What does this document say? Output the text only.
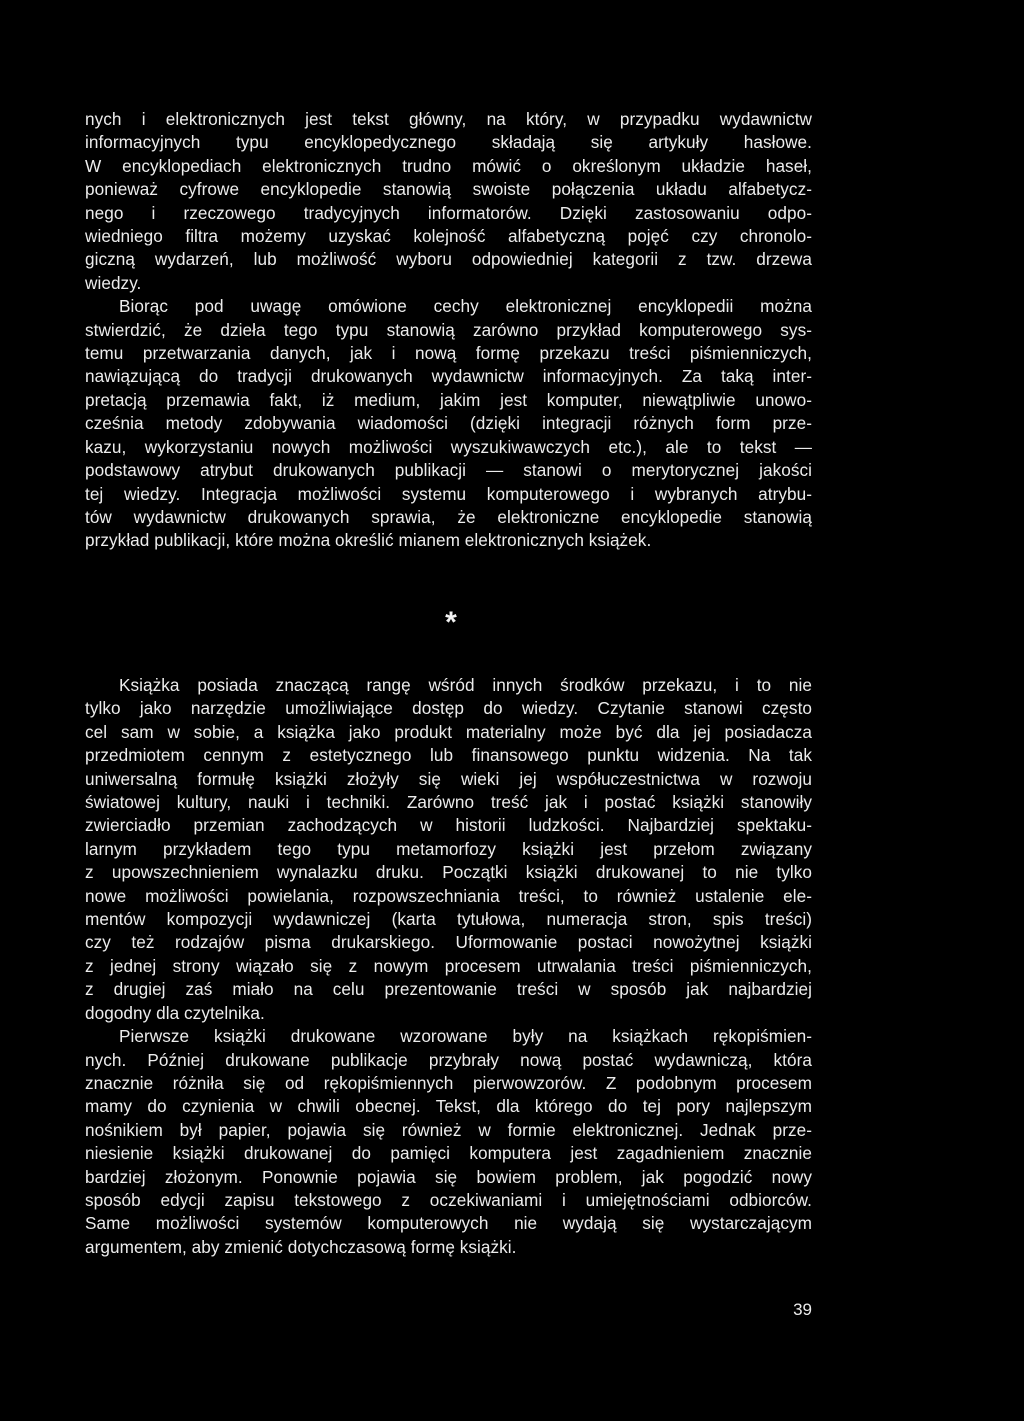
nych i elektronicznych jest tekst główny, na który, w przypadku wydawnictw
informacyjnych typu encyklopedycznego składają się artykuły hasłowe.
W encyklopediach elektronicznych trudno mówić o określonym układzie haseł,
ponieważ cyfrowe encyklopedie stanowią swoiste połączenia układu alfabetycz-
nego i rzeczowego tradycyjnych informatorów. Dzięki zastosowaniu odpo-
wiedniego filtra możemy uzyskać kolejność alfabetyczną pojęć czy chronolo-
giczną wydarzeń, lub możliwość wyboru odpowiedniej kategorii z tzw. drzewa
wiedzy.
Biorąc pod uwagę omówione cechy elektronicznej encyklopedii można
stwierdzić, że dzieła tego typu stanowią zarówno przykład komputerowego sys-
temu przetwarzania danych, jak i nową formę przekazu treści piśmienniczych,
nawiązującą do tradycji drukowanych wydawnictw informacyjnych. Za taką inter-
pretacją przemawia fakt, iż medium, jakim jest komputer, niewątpliwie unowo-
cześnia metody zdobywania wiadomości (dzięki integracji różnych form prze-
kazu, wykorzystaniu nowych możliwości wyszukiwawczych etc.), ale to tekst —
podstawowy atrybut drukowanych publikacji — stanowi o merytorycznej jakości
tej wiedzy. Integracja możliwości systemu komputerowego i wybranych atrybu-
tów wydawnictw drukowanych sprawia, że elektroniczne encyklopedie stanowią
przykład publikacji, które można określić mianem elektronicznych książek.
*
Książka posiada znaczącą rangę wśród innych środków przekazu, i to nie
tylko jako narzędzie umożliwiające dostęp do wiedzy. Czytanie stanowi często
cel sam w sobie, a książka jako produkt materialny może być dla jej posiadacza
przedmiotem cennym z estetycznego lub finansowego punktu widzenia. Na tak
uniwersalną formułę książki złożyły się wieki jej współuczestnictwa w rozwoju
światowej kultury, nauki i techniki. Zarówno treść jak i postać książki stanowiły
zwierciadło przemian zachodzących w historii ludzkości. Najbardziej spektaku-
larnym przykładem tego typu metamorfozy książki jest przełom związany
z upowszechnieniem wynalazku druku. Początki książki drukowanej to nie tylko
nowe możliwości powielania, rozpowszechniania treści, to również ustalenie ele-
mentów kompozycji wydawniczej (karta tytułowa, numeracja stron, spis treści)
czy też rodzajów pisma drukarskiego. Uformowanie postaci nowożytnej książki
z jednej strony wiązało się z nowym procesem utrwalania treści piśmienniczych,
z drugiej zaś miało na celu prezentowanie treści w sposób jak najbardziej
dogodny dla czytelnika.
Pierwsze książki drukowane wzorowane były na książkach rękopiśmien-
nych. Później drukowane publikacje przybrały nową postać wydawniczą, która
znacznie różniła się od rękopiśmiennych pierwowzorów. Z podobnym procesem
mamy do czynienia w chwili obecnej. Tekst, dla którego do tej pory najlepszym
nośnikiem był papier, pojawia się również w formie elektronicznej. Jednak prze-
niesienie książki drukowanej do pamięci komputera jest zagadnieniem znacznie
bardziej złożonym. Ponownie pojawia się bowiem problem, jak pogodzić nowy
sposób edycji zapisu tekstowego z oczekiwaniami i umiejętnościami odbiorców.
Same możliwości systemów komputerowych nie wydają się wystarczającym
argumentem, aby zmienić dotychczasową formę książki.
39
